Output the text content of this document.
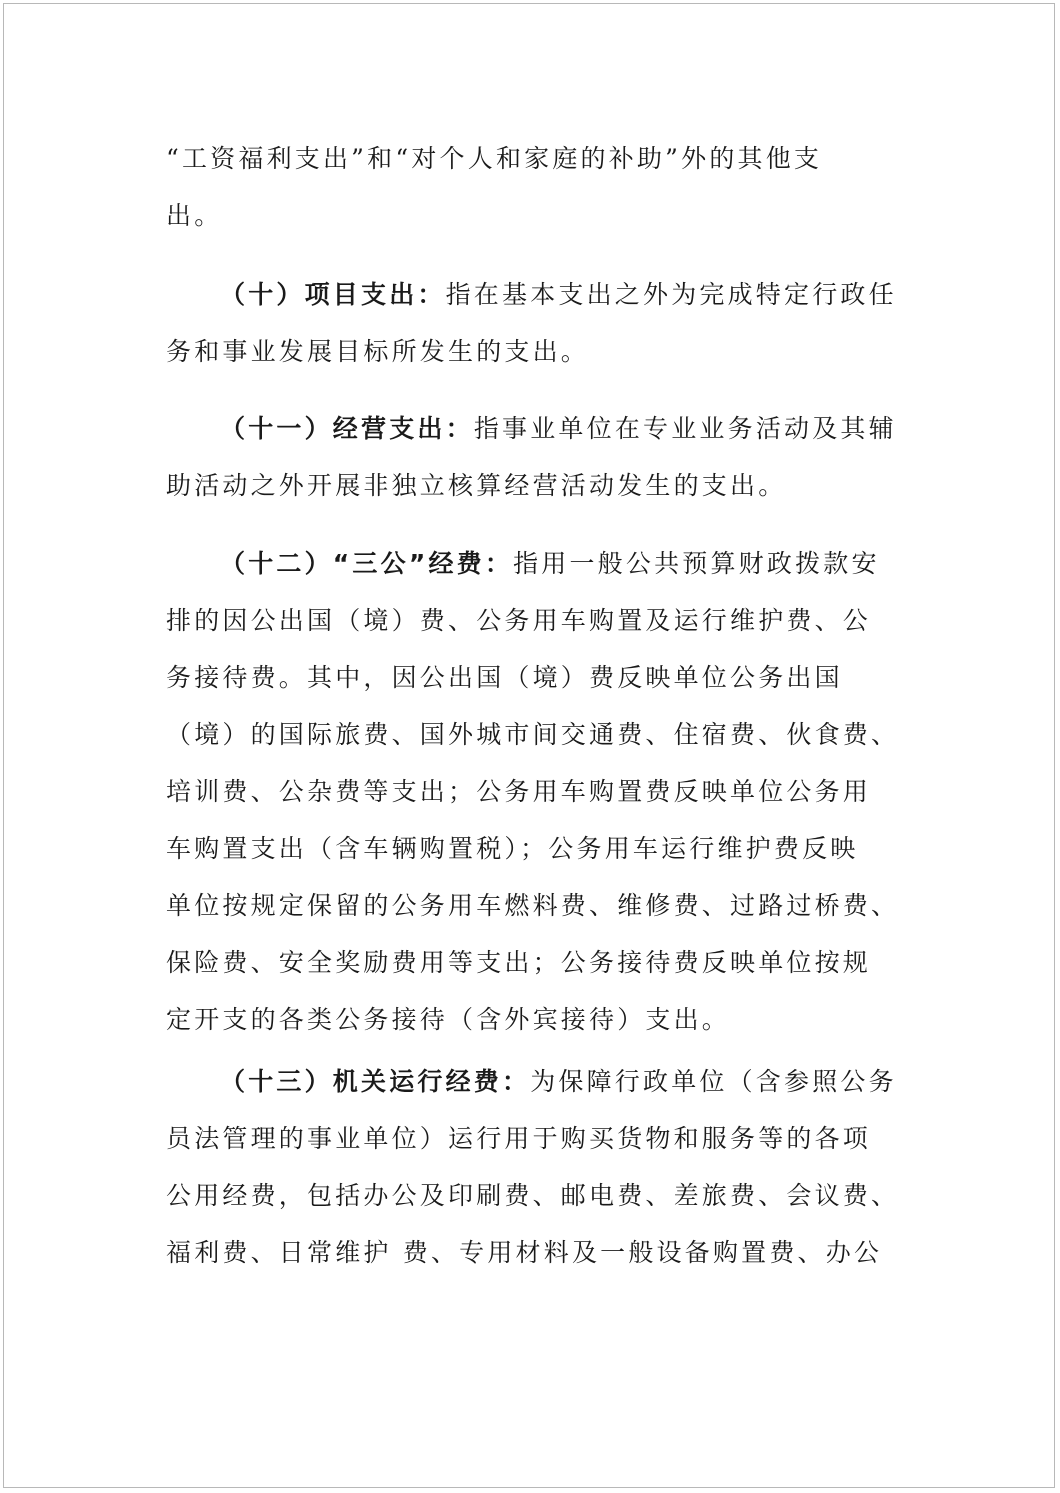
“工资福利支出”和“对个人和家庭的补助”外的其他支
出。
（十）项目支出：指在基本支出之外为完成特定行政任
务和事业发展目标所发生的支出。
（十一）经营支出：指事业单位在专业业务活动及其辅
助活动之外开展非独立核算经营活动发生的支出。
（十二）“三公”经费：指用一般公共预算财政拨款安
排的因公出国（境）费、公务用车购置及运行维护费、公
务接待费。其中，因公出国（境）费反映单位公务出国
（境）的国际旅费、国外城市间交通费、住宿费、伙食费、
培训费、公杂费等支出；公务用车购置费反映单位公务用
车购置支出（含车辆购置税）；公务用车运行维护费反映
单位按规定保留的公务用车燃料费、维修费、过路过桥费、
保险费、安全奖励费用等支出；公务接待费反映单位按规
定开支的各类公务接待（含外宾接待）支出。
（十三）机关运行经费：为保障行政单位（含参照公务
员法管理的事业单位）运行用于购买货物和服务等的各项
公用经费，包括办公及印刷费、邮电费、差旅费、会议费、
福利费、日常维护 费、专用材料及一般设备购置费、办公
